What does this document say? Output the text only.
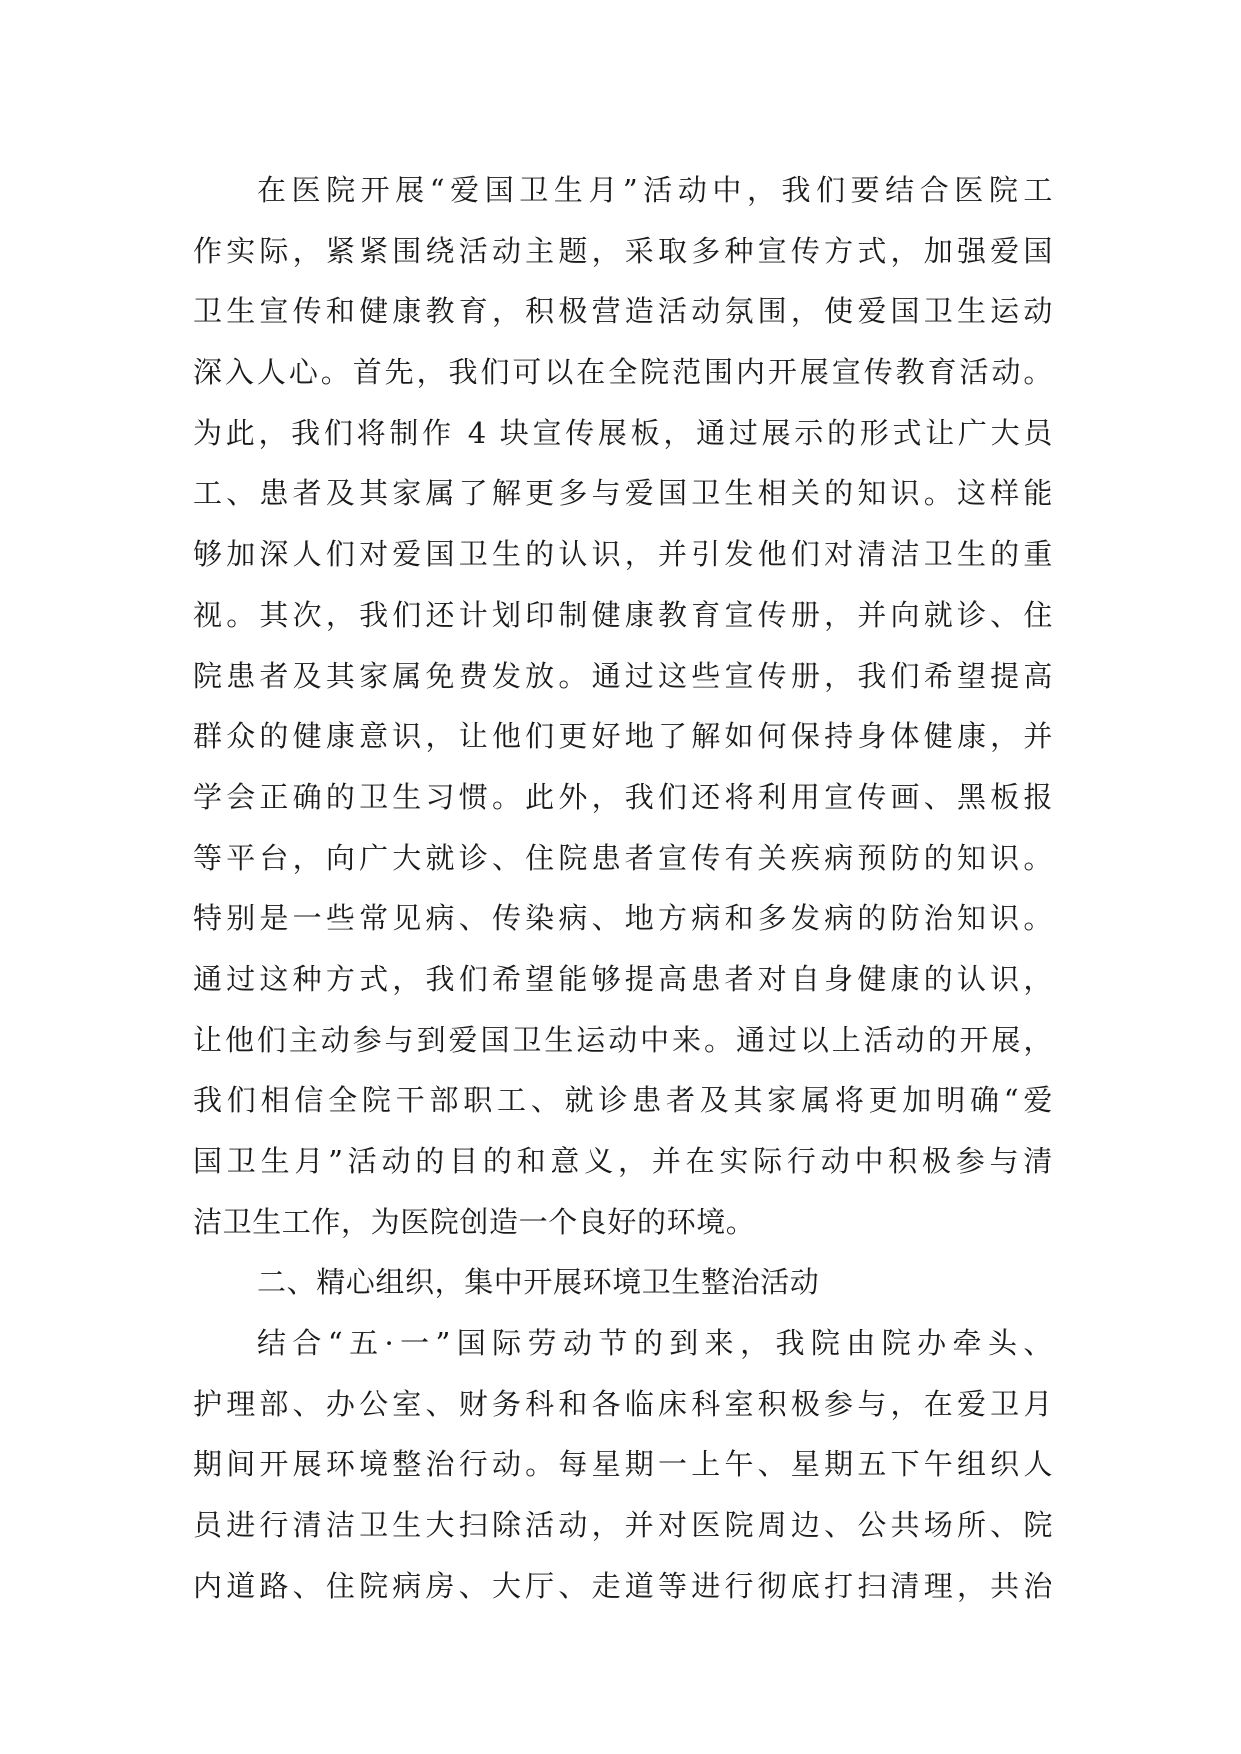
在医院开展“爱国卫生月”活动中，我们要结合医院工
作实际，紧紧围绕活动主题，采取多种宣传方式，加强爱国
卫生宣传和健康教育，积极营造活动氛围，使爱国卫生运动
深入人心。首先，我们可以在全院范围内开展宣传教育活动。
为此，我们将制作 4 块宣传展板，通过展示的形式让广大员
工、患者及其家属了解更多与爱国卫生相关的知识。这样能
够加深人们对爱国卫生的认识，并引发他们对清洁卫生的重
视。其次，我们还计划印制健康教育宣传册，并向就诊、住
院患者及其家属免费发放。通过这些宣传册，我们希望提高
群众的健康意识，让他们更好地了解如何保持身体健康，并
学会正确的卫生习惯。此外，我们还将利用宣传画、黑板报
等平台，向广大就诊、住院患者宣传有关疾病预防的知识。
特别是一些常见病、传染病、地方病和多发病的防治知识。
通过这种方式，我们希望能够提高患者对自身健康的认识，
让他们主动参与到爱国卫生运动中来。通过以上活动的开展，
我们相信全院干部职工、就诊患者及其家属将更加明确“爱
国卫生月”活动的目的和意义，并在实际行动中积极参与清
洁卫生工作，为医院创造一个良好的环境。
二、精心组织，集中开展环境卫生整治活动
结合“五·一”国际劳动节的到来，我院由院办牵头、
护理部、办公室、财务科和各临床科室积极参与，在爱卫月
期间开展环境整治行动。每星期一上午、星期五下午组织人
员进行清洁卫生大扫除活动，并对医院周边、公共场所、院
内道路、住院病房、大厅、走道等进行彻底打扫清理，共治
